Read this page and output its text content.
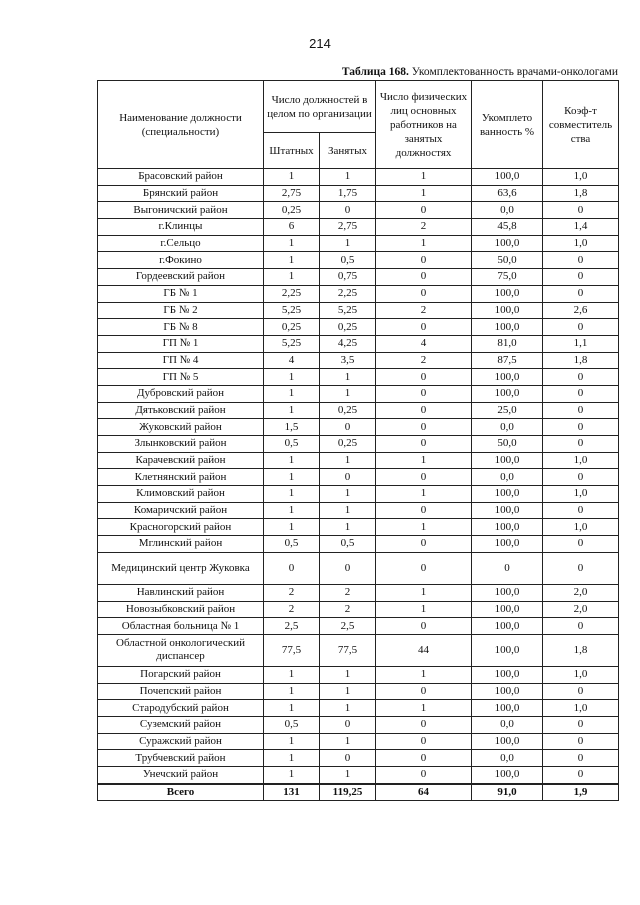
214
Таблица 168. Укомплектованность врачами-онкологами
Наименование должности (специальности)	Число должностей в целом по организации		Число физических лиц основных работников на занятых должностях	Укомплето ванность %	Коэф-т совместитель ства
	Штатных	Занятых			
Брасовский район	1	1	1	100,0	1,0
Брянский район	2,75	1,75	1	63,6	1,8
Выгоничский район	0,25	0	0	0,0	0
г.Клинцы	6	2,75	2	45,8	1,4
г.Сельцо	1	1	1	100,0	1,0
г.Фокино	1	0,5	0	50,0	0
Гордеевский район	1	0,75	0	75,0	0
ГБ № 1	2,25	2,25	0	100,0	0
ГБ № 2	5,25	5,25	2	100,0	2,6
ГБ № 8	0,25	0,25	0	100,0	0
ГП № 1	5,25	4,25	4	81,0	1,1
ГП № 4	4	3,5	2	87,5	1,8
ГП № 5	1	1	0	100,0	0
Дубровский район	1	1	0	100,0	0
Дятьковский район	1	0,25	0	25,0	0
Жуковский район	1,5	0	0	0,0	0
Злынковский район	0,5	0,25	0	50,0	0
Карачевский район	1	1	1	100,0	1,0
Клетнянский район	1	0	0	0,0	0
Климовский район	1	1	1	100,0	1,0
Комаричский район	1	1	0	100,0	0
Красногорский район	1	1	1	100,0	1,0
Мглинский район	0,5	0,5	0	100,0	0
Медицинский центр Жуковка	0	0	0	0	0
Навлинский район	2	2	1	100,0	2,0
Новозыбковский район	2	2	1	100,0	2,0
Областная больница № 1	2,5	2,5	0	100,0	0
Областной онкологический диспансер	77,5	77,5	44	100,0	1,8
Погарский район	1	1	1	100,0	1,0
Почепский район	1	1	0	100,0	0
Стародубский район	1	1	1	100,0	1,0
Суземский район	0,5	0	0	0,0	0
Суражский район	1	1	0	100,0	0
Трубчевский район	1	0	0	0,0	0
Унечский район	1	1	0	100,0	0
Всего	131	119,25	64	91,0	1,9
